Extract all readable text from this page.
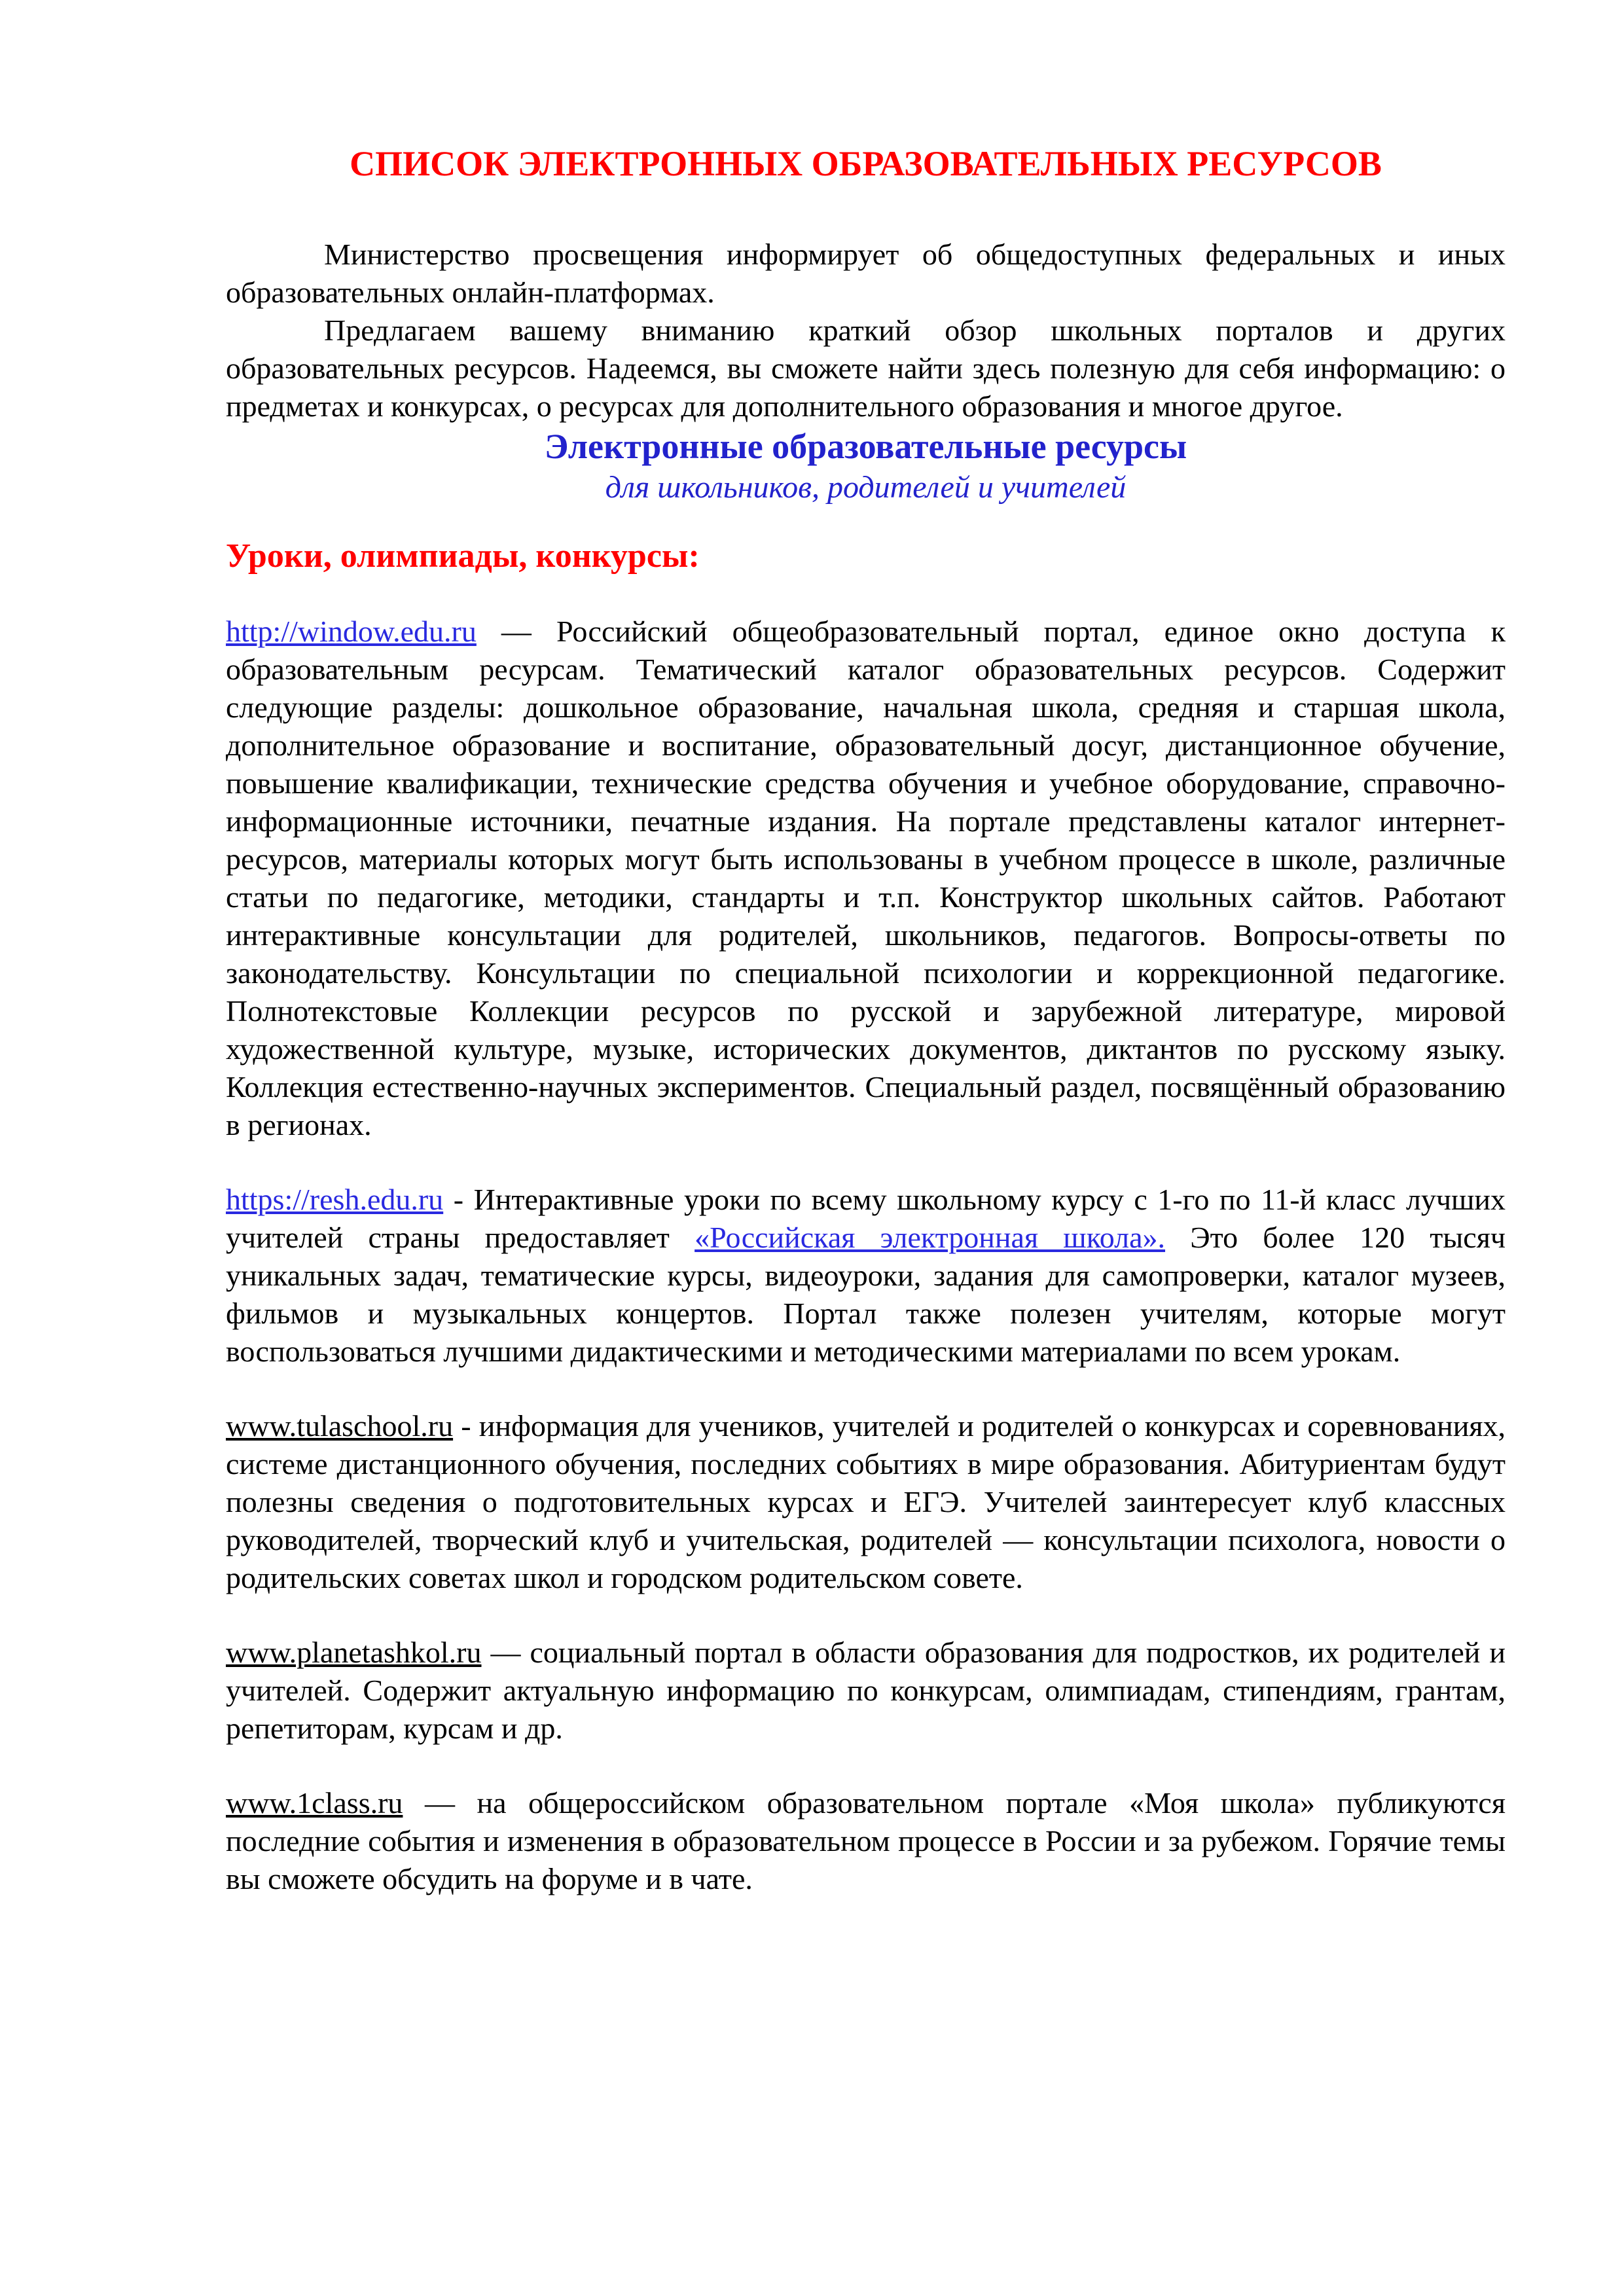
СПИСОК ЭЛЕКТРОННЫХ ОБРАЗОВАТЕЛЬНЫХ РЕСУРСОВ

Министерство просвещения информирует об общедоступных федеральных и иных образовательных онлайн-платформах.

Предлагаем вашему вниманию краткий обзор школьных порталов и других образовательных ресурсов. Надеемся, вы сможете найти здесь полезную для себя информацию: о предметах и конкурсах, о ресурсах для дополнительного образования и многое другое.

Электронные образовательные ресурсы
для школьников, родителей и учителей
Уроки, олимпиады, конкурсы:

http://window.edu.ru — Российский общеобразовательный портал, единое окно доступа к образовательным ресурсам. Тематический каталог образовательных ресурсов. Содержит следующие разделы: дошкольное образование, начальная школа, средняя и старшая школа, дополнительное образование и воспитание, образовательный досуг, дистанционное обучение, повышение квалификации, технические средства обучения и учебное оборудование, справочно-информационные источники, печатные издания. На портале представлены каталог интернет-ресурсов, материалы которых могут быть использованы в учебном процессе в школе, различные статьи по педагогике, методики, стандарты и т.п. Конструктор школьных сайтов. Работают интерактивные консультации для родителей, школьников, педагогов. Вопросы-ответы по законодательству. Консультации по специальной психологии и коррекционной педагогике. Полнотекстовые Коллекции ресурсов по русской и зарубежной литературе, мировой художественной культуре, музыке, исторических документов, диктантов по русскому языку. Коллекция естественно-научных экспериментов. Специальный раздел, посвящённый образованию в регионах.

https://resh.edu.ru - Интерактивные уроки по всему школьному курсу с 1-го по 11-й класс лучших учителей страны предоставляет «Российская электронная школа». Это более 120 тысяч уникальных задач, тематические курсы, видеоуроки, задания для самопроверки, каталог музеев, фильмов и музыкальных концертов. Портал также полезен учителям, которые могут воспользоваться лучшими дидактическими и методическими материалами по всем урокам.

www.tulaschool.ru - информация для учеников, учителей и родителей о конкурсах и соревнованиях, системе дистанционного обучения, последних событиях в мире образования. Абитуриентам будут полезны сведения о подготовительных курсах и ЕГЭ. Учителей заинтересует клуб классных руководителей, творческий клуб и учительская, родителей — консультации психолога, новости о родительских советах школ и городском родительском совете.

www.planetashkol.ru — социальный портал в области образования для подростков, их родителей и учителей. Содержит актуальную информацию по конкурсам, олимпиадам, стипендиям, грантам, репетиторам, курсам и др.

www.1class.ru — на общероссийском образовательном портале «Моя школа» публикуются последние события и изменения в образовательном процессе в России и за рубежом. Горячие темы вы сможете обсудить на форуме и в чате.
